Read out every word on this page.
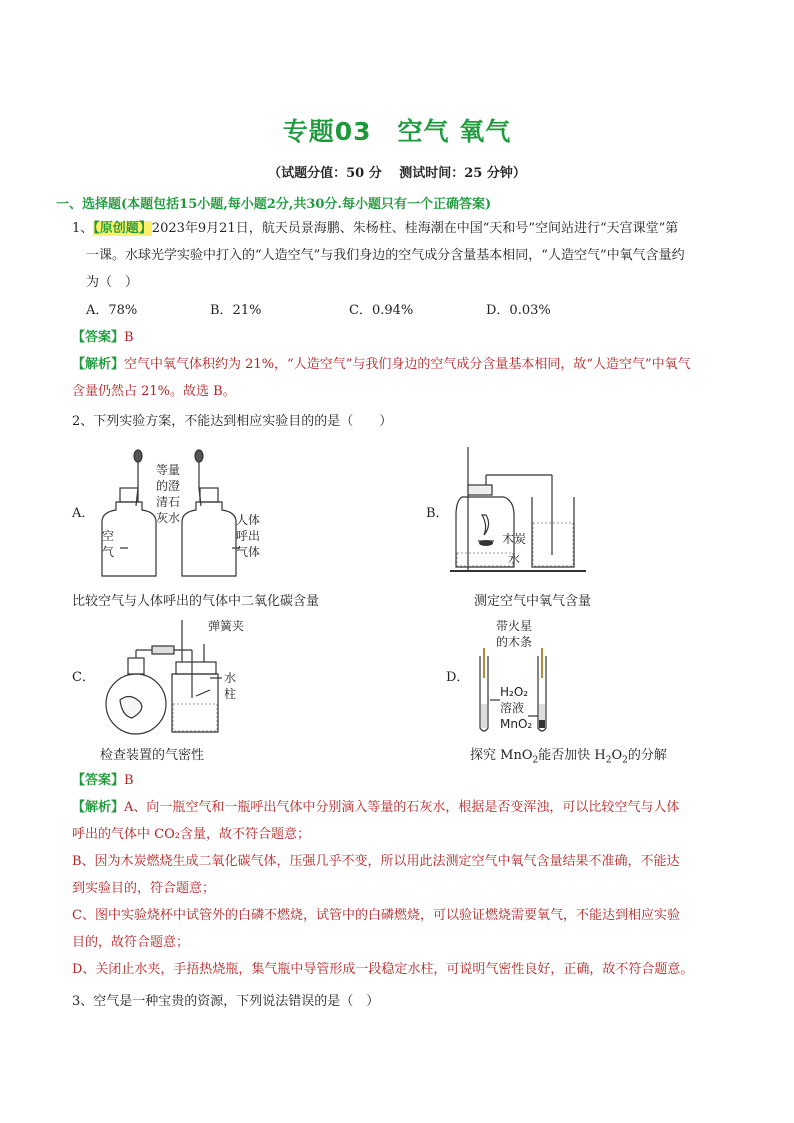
专题03　空气 氧气
（试题分值：50 分　 测试时间：25 分钟）
一、选择题(本题包括15小题,每小题2分,共30分.每小题只有一个正确答案)
1、【原创题】2023年9月21日，航天员景海鹏、朱杨柱、桂海潮在中国“天和号”空间站进行“天宫课堂”第
一课。水球光学实验中打入的“人造空气”与我们身边的空气成分含量基本相同，“人造空气”中氧气含量约
为（　）
A．78%	B．21%	C．0.94%	D．0.03%
【答案】B
【解析】空气中氧气体积约为 21%，“人造空气”与我们身边的空气成分含量基本相同，故“人造空气”中氧气
含量仍然占 21%。故选 B。
2、下列实验方案，不能达到相应实验目的的是（　　）
A．	B．
C．	D．
等量
的澄
清石
灰水
空
气
人体
呼出
气体
比较空气与人体呼出的气体中二氧化碳含量
木炭
水
测定空气中氧气含量
弹簧夹
水
柱
检查装置的气密性
带火星
的木条
H₂O₂
溶液
MnO₂
探究 MnO$_2$能否加快 $H_2O_2$的分解
【答案】B
【解析】A、向一瓶空气和一瓶呼出气体中分别滴入等量的石灰水，根据是否变浑浊，可以比较空气与人体
呼出的气体中 CO₂含量，故不符合题意；
B、因为木炭燃烧生成二氧化碳气体，压强几乎不变，所以用此法测定空气中氧气含量结果不准确，不能达
到实验目的，符合题意；
C、图中实验烧杯中试管外的白磷不燃烧，试管中的白磷燃烧，可以验证燃烧需要氧气，不能达到相应实验
目的，故符合题意；
D、关闭止水夹，手捂热烧瓶，集气瓶中导管形成一段稳定水柱，可说明气密性良好，正确，故不符合题意。
3、空气是一种宝贵的资源，下列说法错误的是（　）
